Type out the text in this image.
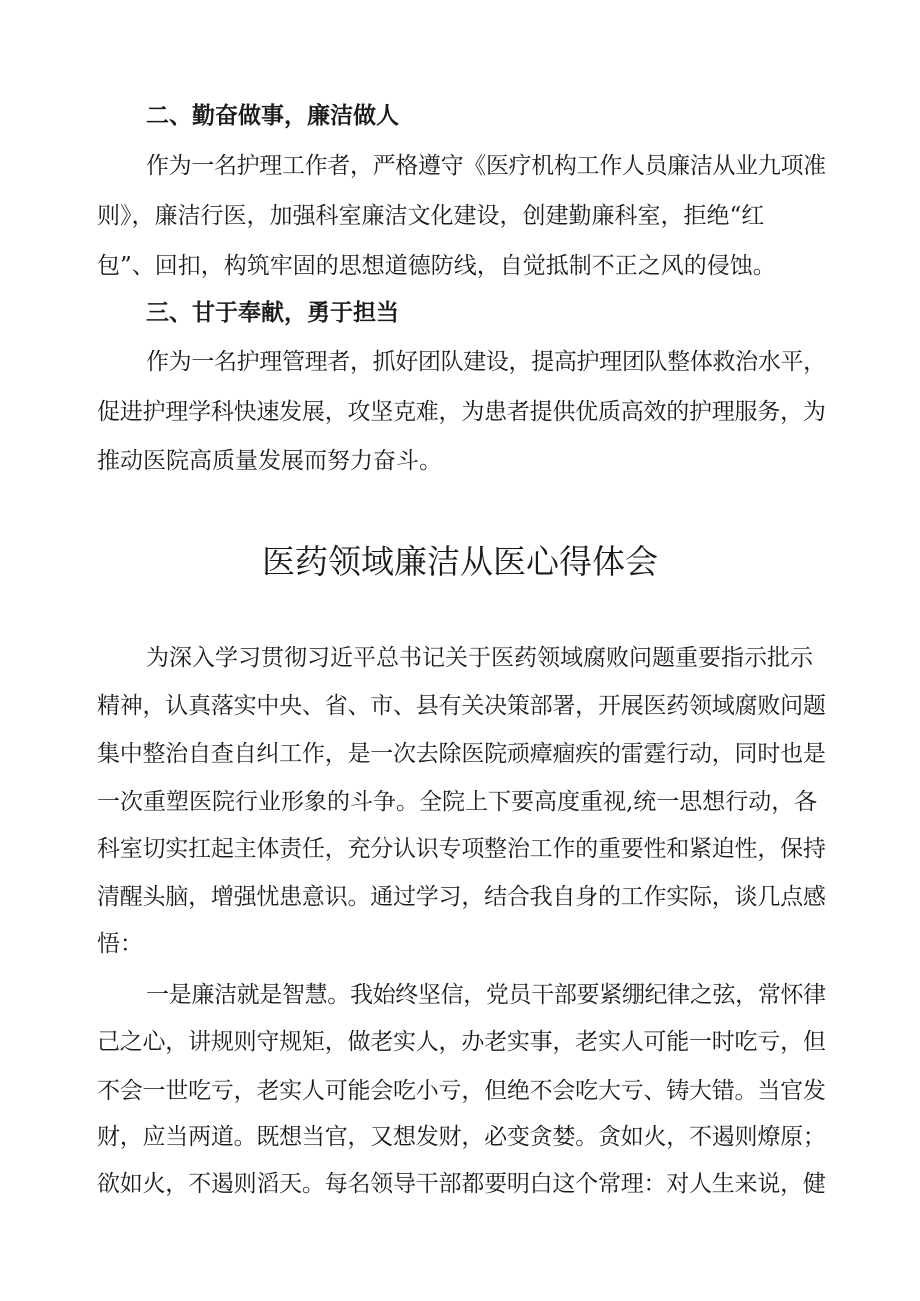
二、勤奋做事，廉洁做人
作为一名护理工作者，严格遵守《医疗机构工作人员廉洁从业九项准
则》，廉洁行医，加强科室廉洁文化建设，创建勤廉科室，拒绝“红
包”、回扣，构筑牢固的思想道德防线，自觉抵制不正之风的侵蚀。
三、甘于奉献，勇于担当
作为一名护理管理者，抓好团队建设，提高护理团队整体救治水平，
促进护理学科快速发展，攻坚克难，为患者提供优质高效的护理服务，为
推动医院高质量发展而努力奋斗。
医药领域廉洁从医心得体会
为深入学习贯彻习近平总书记关于医药领域腐败问题重要指示批示
精神，认真落实中央、省、市、县有关决策部署，开展医药领域腐败问题
集中整治自查自纠工作，是一次去除医院顽瘴痼疾的雷霆行动，同时也是
一次重塑医院行业形象的斗争。全院上下要高度重视,统一思想行动，各
科室切实扛起主体责任，充分认识专项整治工作的重要性和紧迫性，保持
清醒头脑，增强忧患意识。通过学习，结合我自身的工作实际，谈几点感
悟：
一是廉洁就是智慧。我始终坚信，党员干部要紧绷纪律之弦，常怀律
己之心，讲规则守规矩，做老实人，办老实事，老实人可能一时吃亏，但
不会一世吃亏，老实人可能会吃小亏，但绝不会吃大亏、铸大错。当官发
财，应当两道。既想当官，又想发财，必变贪婪。贪如火，不遏则燎原；
欲如火，不遏则滔天。每名领导干部都要明白这个常理：对人生来说，健
